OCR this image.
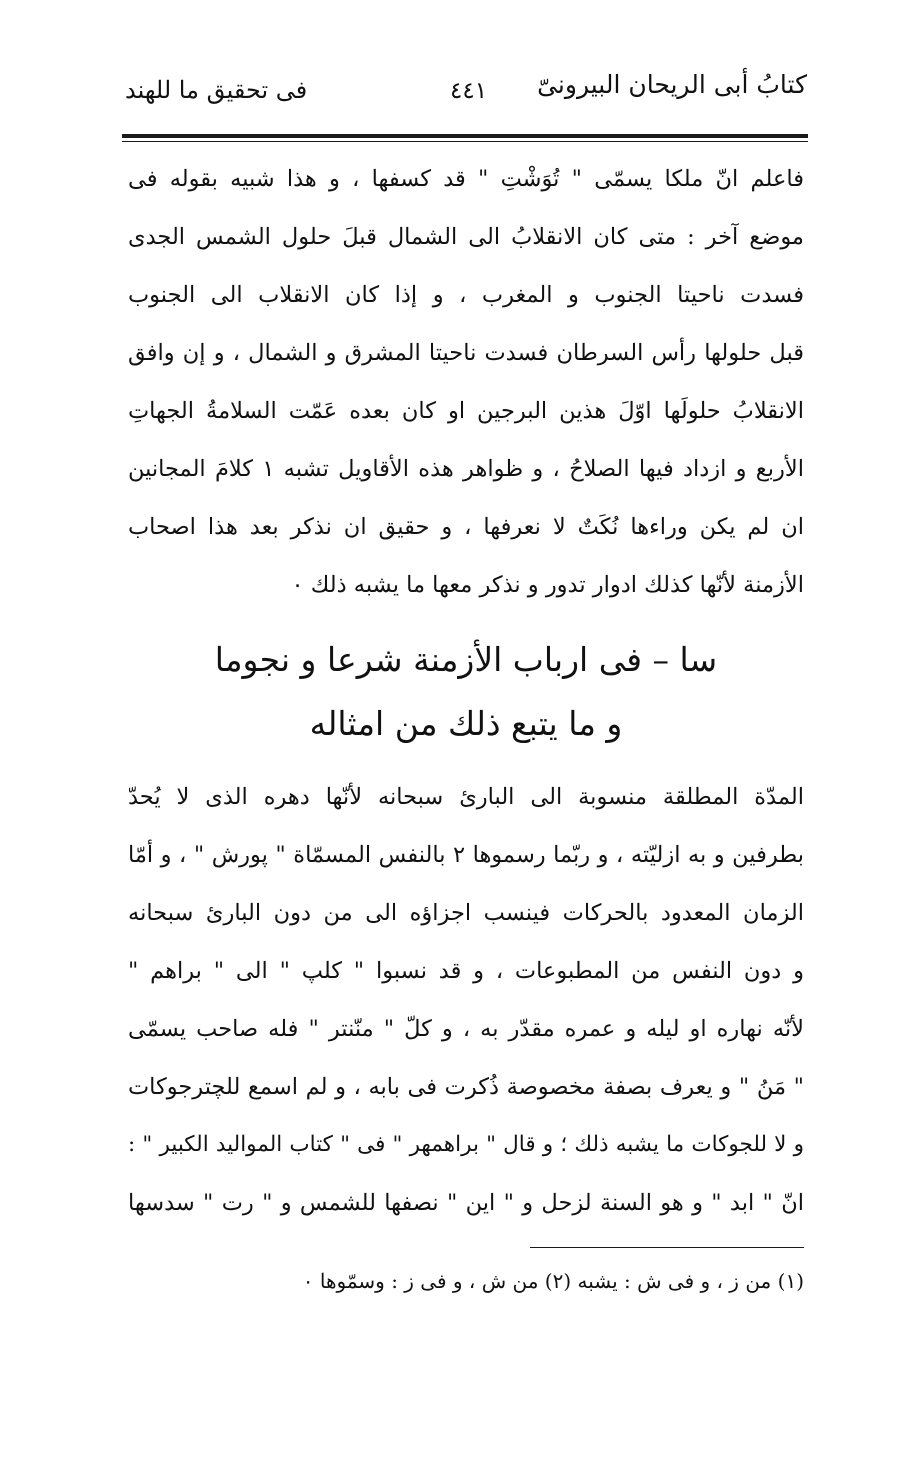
كتابُ أبى الريحان البيرونىّ
٤٤١
فى تحقيق ما للهند
فاعلم انّ ملكا يسمّى " تُوَشْتِ " قد كسفها ، و هذا شبيه بقوله فى
موضع آخر : متى كان الانقلابُ الى الشمال قبلَ حلول الشمس الجدى
فسدت ناحيتا الجنوب و المغرب ، و إذا كان الانقلاب الى الجنوب
قبل حلولها رأس السرطان فسدت ناحيتا المشرق و الشمال ، و إن وافق
الانقلابُ حلولَها اوّلَ هذين البرجين او كان بعده عَمّت السلامةُ الجهاتِ
الأربع و ازداد فيها الصلاحُ ، و ظواهر هذه الأقاويل تشبه ١ كلامَ المجانين
ان لم يكن وراءها نُكَتٌ لا نعرفها ، و حقيق ان نذكر بعد هذا اصحاب
الأزمنة لأنّها كذلك ادوار تدور و نذكر معها ما يشبه ذلك ٠
سا – فى ارباب الأزمنة شرعا و نجوما
و ما يتبع ذلك من امثاله
المدّة المطلقة منسوبة الى البارئ سبحانه لأنّها دهره الذى لا يُحدّ
بطرفين و به ازليّته ، و ربّما رسموها ٢ بالنفس المسمّاة " پورش " ، و أمّا
الزمان المعدود بالحركات فينسب اجزاؤه الى من دون البارئ سبحانه
و دون النفس من المطبوعات ، و قد نسبوا " كلپ " الى " براهم "
لأنّه نهاره او ليله و عمره مقدّر به ، و كلّ " منّنتر " فله صاحب يسمّى
" مَنُ " و يعرف بصفة مخصوصة ذُكرت فى بابه ، و لم اسمع للچترجوكات
و لا للجوكات ما يشبه ذلك ؛ و قال " براهمهر " فى " كتاب المواليد الكبير " :
انّ " ابد " و هو السنة لزحل و " اين " نصفها للشمس و " رت " سدسها
(١) من ز ، و فى ش : يشبه (٢) من ش ، و فى ز : وسمّوها ٠
